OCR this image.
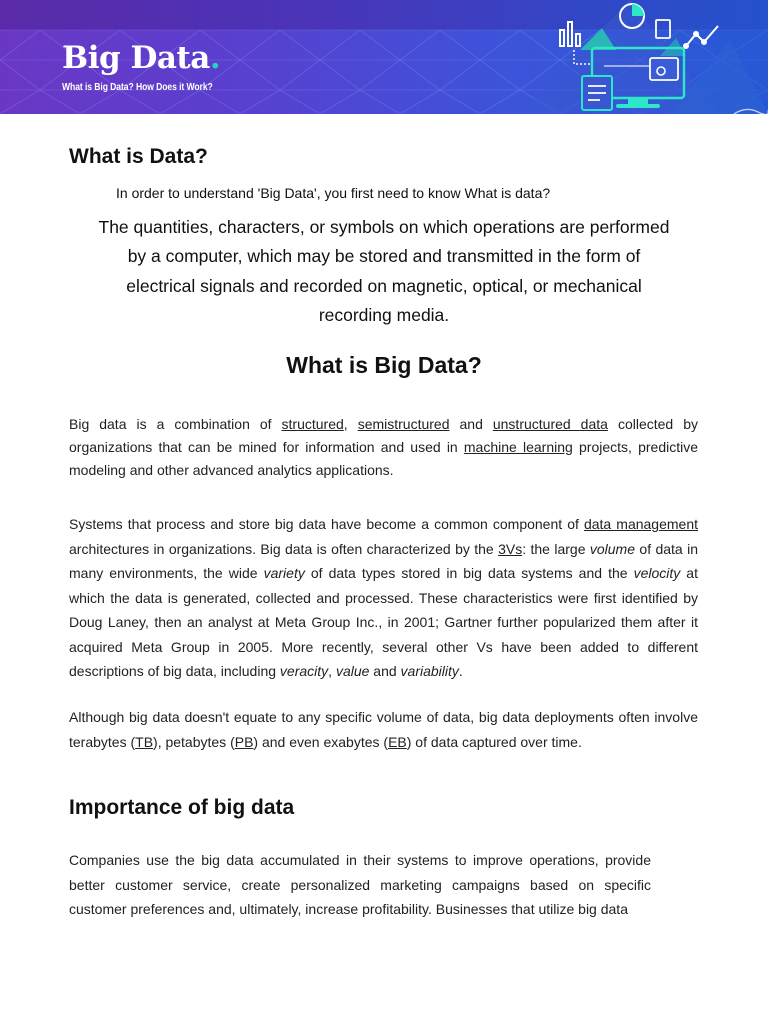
Big Data.
What is Big Data? How Does it Work?
What is Data?
In order to understand 'Big Data', you first need to know What is data?
The quantities, characters, or symbols on which operations are performed by a computer, which may be stored and transmitted in the form of electrical signals and recorded on magnetic, optical, or mechanical recording media.
What is Big Data?
Big data is a combination of structured, semistructured and unstructured data collected by organizations that can be mined for information and used in machine learning projects, predictive modeling and other advanced analytics applications.
Systems that process and store big data have become a common component of data management architectures in organizations. Big data is often characterized by the 3Vs: the large volume of data in many environments, the wide variety of data types stored in big data systems and the velocity at which the data is generated, collected and processed. These characteristics were first identified by Doug Laney, then an analyst at Meta Group Inc., in 2001; Gartner further popularized them after it acquired Meta Group in 2005. More recently, several other Vs have been added to different descriptions of big data, including veracity, value and variability.
Although big data doesn't equate to any specific volume of data, big data deployments often involve terabytes (TB), petabytes (PB) and even exabytes (EB) of data captured over time.
Importance of big data
Companies use the big data accumulated in their systems to improve operations, provide better customer service, create personalized marketing campaigns based on specific customer preferences and, ultimately, increase profitability. Businesses that utilize big data
